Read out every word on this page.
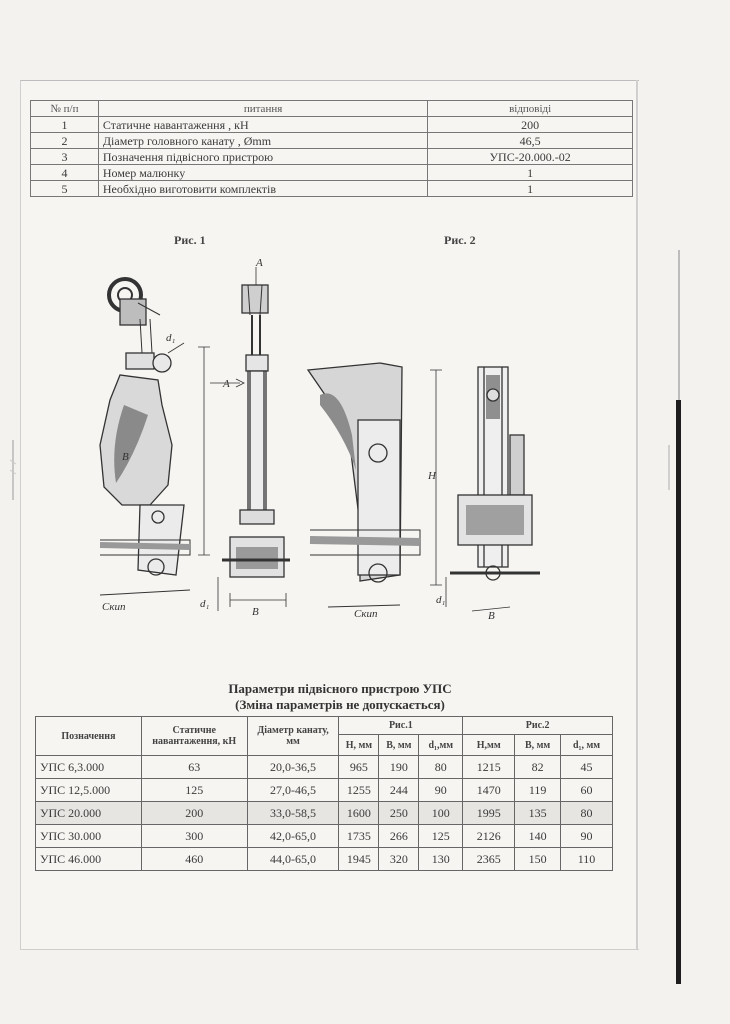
№ п/п	питання	відповіді
1	Статичне навантаження , кН	200
2	Діаметр головного канату , Ømm	46,5
3	Позначення підвісного пристрою	УПС-20.000.-02
4	Номер малюнку	1
5	Необхідно виготовити комплектів	1
Рис. 1	Рис. 2
А
d₁
А
В
Скип	В
d₁
H
Скип	В
d₁
Параметри підвісного пристрою УПС
(Зміна параметрів не допускається)
Позначення	Статичне навантаження, кН	Діаметр канату, мм	Рис.1			Рис.2		
			Н, мм	В, мм	d₁,мм	Н,мм	В, мм	d₁, мм
УПС 6,3.000	63	20,0-36,5	965	190	80	1215	82	45
УПС 12,5.000	125	27,0-46,5	1255	244	90	1470	119	60
УПС 20.000	200	33,0-58,5	1600	250	100	1995	135	80
УПС 30.000	300	42,0-65,0	1735	266	125	2126	140	90
УПС 46.000	460	44,0-65,0	1945	320	130	2365	150	110
